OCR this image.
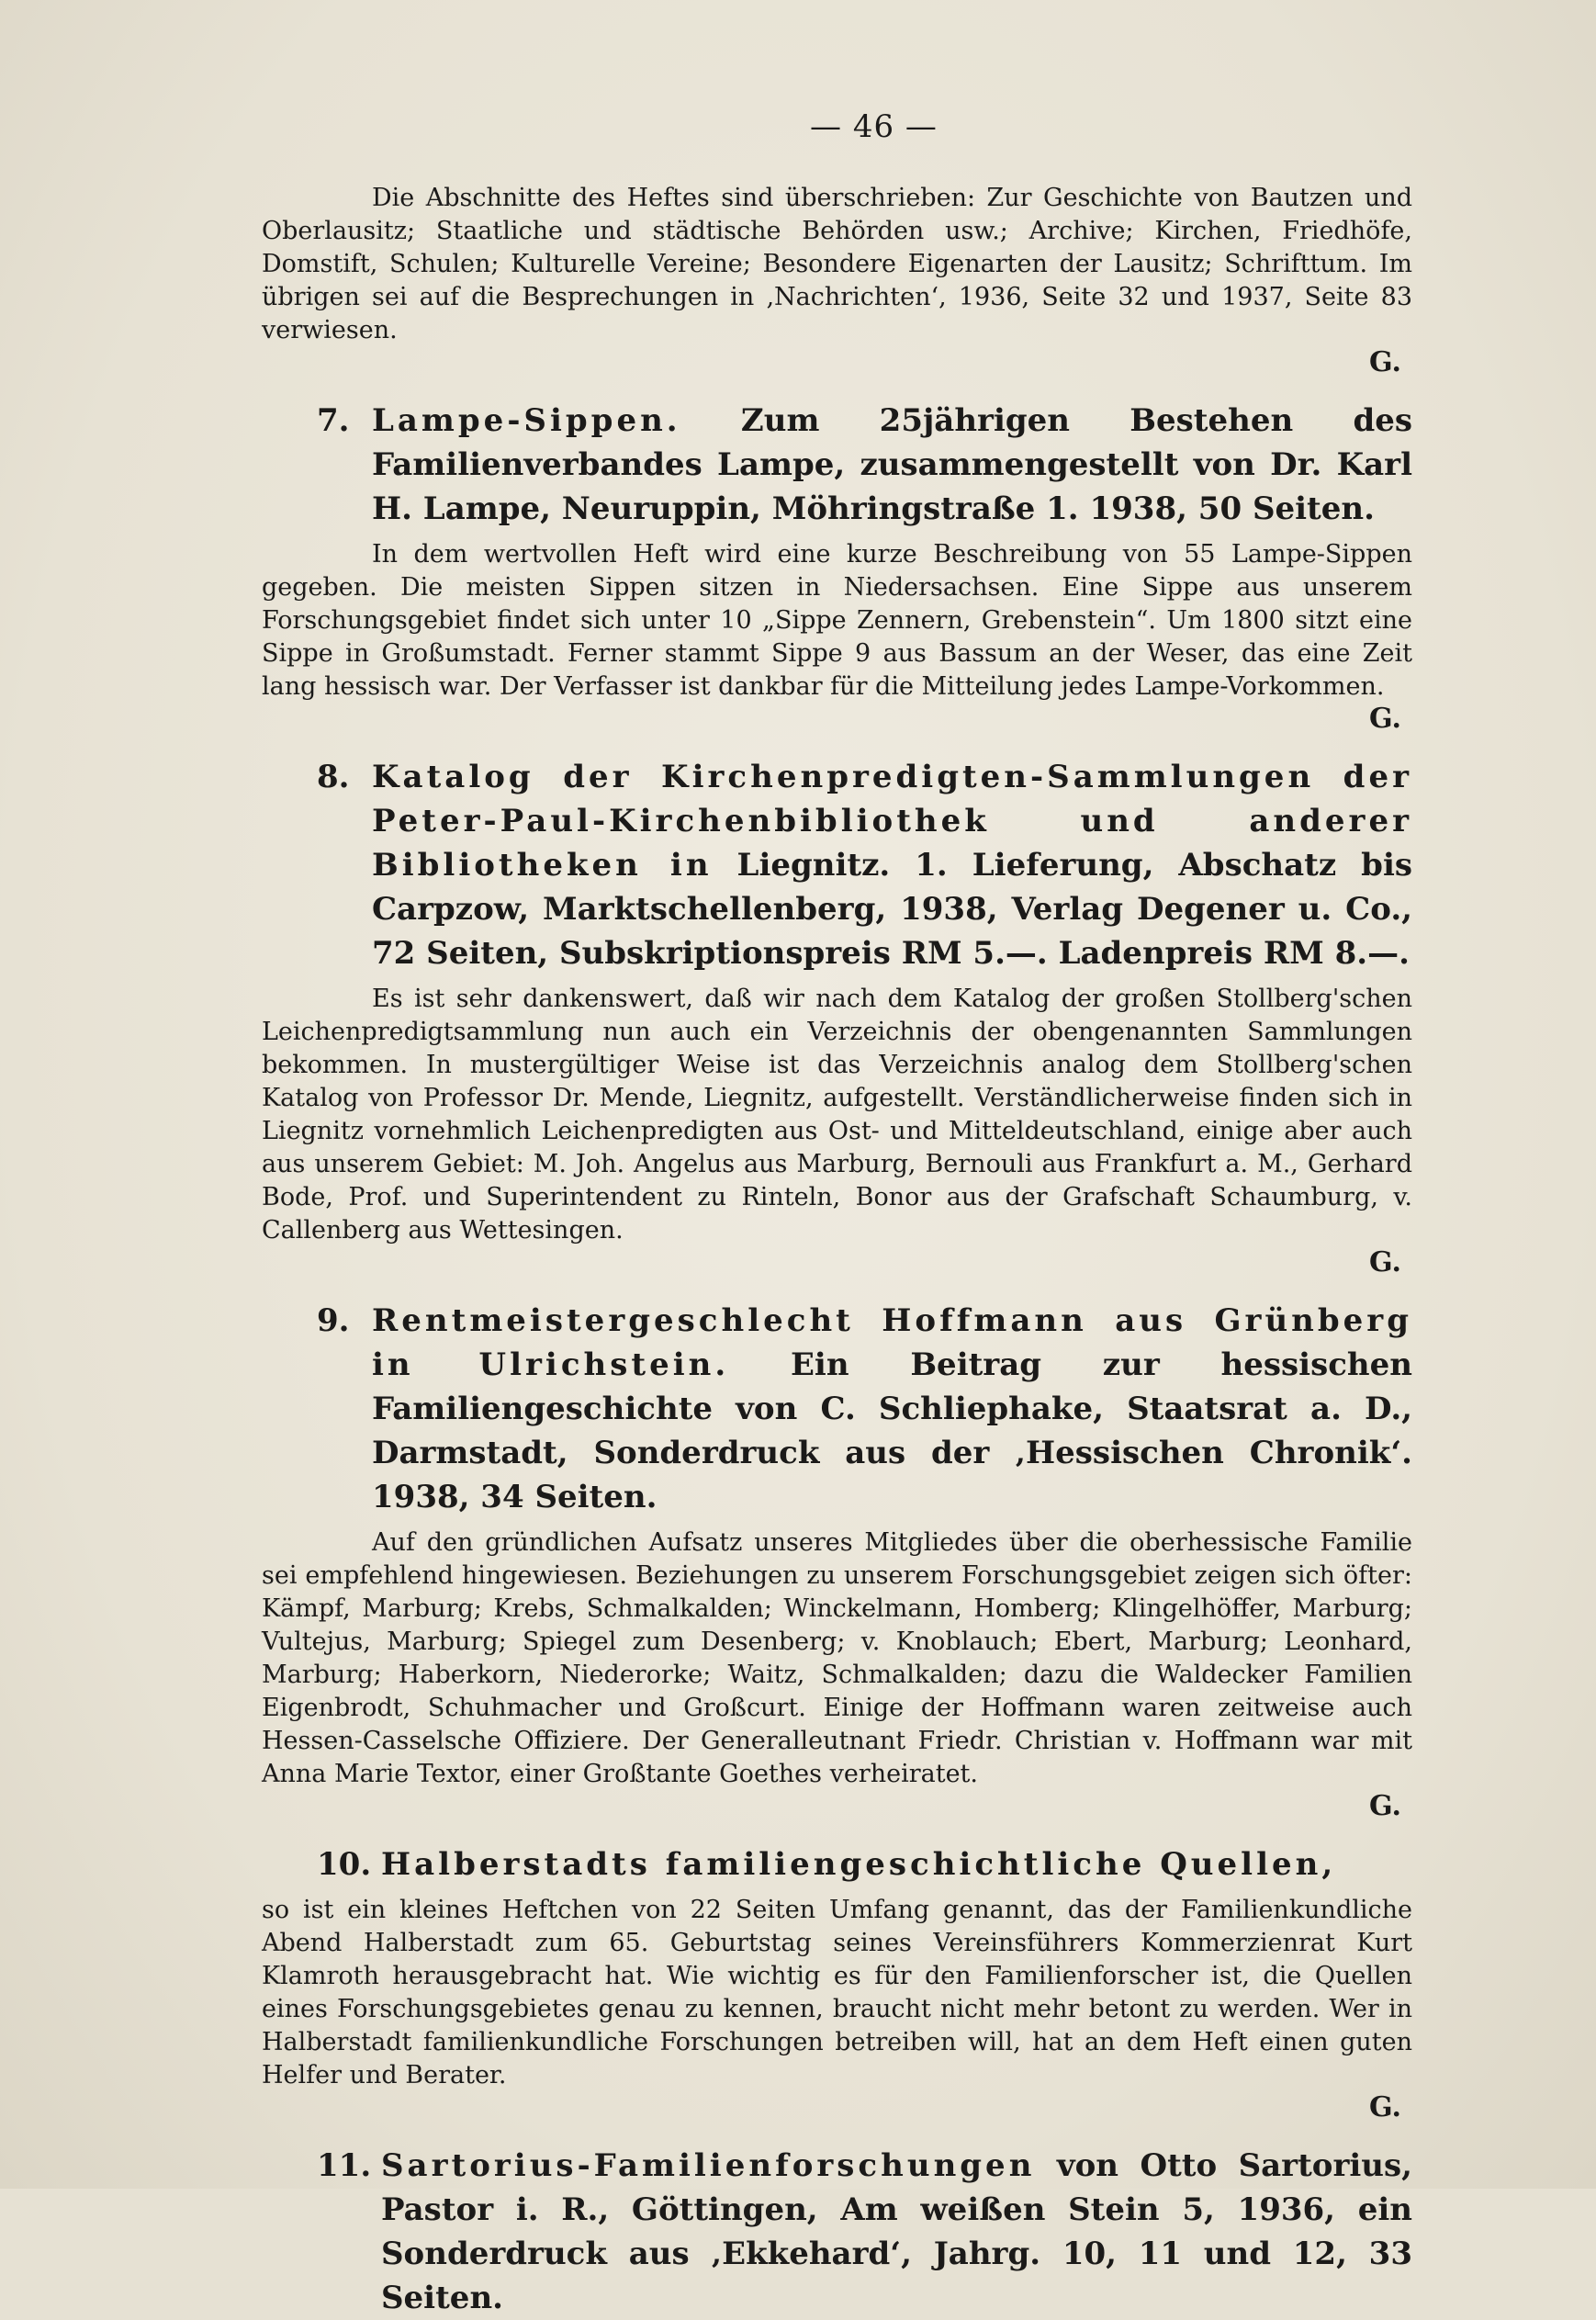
— 46 —

Die Abschnitte des Heftes sind überschrieben: Zur Geschichte von Bautzen und Oberlausitz; Staatliche und städtische Behörden usw.; Archive; Kirchen, Friedhöfe, Domstift, Schulen; Kulturelle Vereine; Besondere Eigenarten der Lausitz; Schrifttum. Im übrigen sei auf die Besprechungen in ‚Nachrichten‘, 1936, Seite 32 und 1937, Seite 83 verwiesen.

G.
7. Lampe-Sippen. Zum 25jährigen Bestehen des Familienverbandes Lampe, zusammengestellt von Dr. Karl H. Lampe, Neuruppin, Möhringstraße 1. 1938, 50 Seiten.

In dem wertvollen Heft wird eine kurze Beschreibung von 55 Lampe-Sippen gegeben. Die meisten Sippen sitzen in Niedersachsen. Eine Sippe aus unserem Forschungsgebiet findet sich unter 10 „Sippe Zennern, Grebenstein“. Um 1800 sitzt eine Sippe in Großumstadt. Ferner stammt Sippe 9 aus Bassum an der Weser, das eine Zeit lang hessisch war. Der Verfasser ist dankbar für die Mitteilung jedes Lampe-Vorkommen.

G.
8. Katalog der Kirchenpredigten-Sammlungen der Peter-Paul-Kirchenbibliothek und anderer Bibliotheken in Liegnitz. 1. Lieferung, Abschatz bis Carpzow, Marktschellenberg, 1938, Verlag Degener u. Co., 72 Seiten, Subskriptionspreis RM 5.—. Ladenpreis RM 8.—.

Es ist sehr dankenswert, daß wir nach dem Katalog der großen Stollberg'schen Leichenpredigtsammlung nun auch ein Verzeichnis der obengenannten Sammlungen bekommen. In mustergültiger Weise ist das Verzeichnis analog dem Stollberg'schen Katalog von Professor Dr. Mende, Liegnitz, aufgestellt. Verständlicherweise finden sich in Liegnitz vornehmlich Leichenpredigten aus Ost- und Mitteldeutschland, einige aber auch aus unserem Gebiet: M. Joh. Angelus aus Marburg, Bernouli aus Frankfurt a. M., Gerhard Bode, Prof. und Superintendent zu Rinteln, Bonor aus der Grafschaft Schaumburg, v. Callenberg aus Wettesingen.

G.
9. Rentmeistergeschlecht Hoffmann aus Grünberg in Ulrichstein. Ein Beitrag zur hessischen Familiengeschichte von C. Schliephake, Staatsrat a. D., Darmstadt, Sonderdruck aus der ‚Hessischen Chronik‘. 1938, 34 Seiten.

Auf den gründlichen Aufsatz unseres Mitgliedes über die oberhessische Familie sei empfehlend hingewiesen. Beziehungen zu unserem Forschungsgebiet zeigen sich öfter: Kämpf, Marburg; Krebs, Schmalkalden; Winckelmann, Homberg; Klingelhöffer, Marburg; Vultejus, Marburg; Spiegel zum Desenberg; v. Knoblauch; Ebert, Marburg; Leonhard, Marburg; Haberkorn, Niederorke; Waitz, Schmalkalden; dazu die Waldecker Familien Eigenbrodt, Schuhmacher und Großcurt. Einige der Hoffmann waren zeitweise auch Hessen-Casselsche Offiziere. Der Generalleutnant Friedr. Christian v. Hoffmann war mit Anna Marie Textor, einer Großtante Goethes verheiratet.

G.
10. Halberstadts familiengeschichtliche Quellen,

so ist ein kleines Heftchen von 22 Seiten Umfang genannt, das der Familienkundliche Abend Halberstadt zum 65. Geburtstag seines Vereinsführers Kommerzienrat Kurt Klamroth herausgebracht hat. Wie wichtig es für den Familienforscher ist, die Quellen eines Forschungsgebietes genau zu kennen, braucht nicht mehr betont zu werden. Wer in Halberstadt familienkundliche Forschungen betreiben will, hat an dem Heft einen guten Helfer und Berater.

G.
11. Sartorius-Familienforschungen von Otto Sartorius, Pastor i. R., Göttingen, Am weißen Stein 5, 1936, ein Sonderdruck aus ‚Ekkehard‘, Jahrg. 10, 11 und 12, 33 Seiten.
